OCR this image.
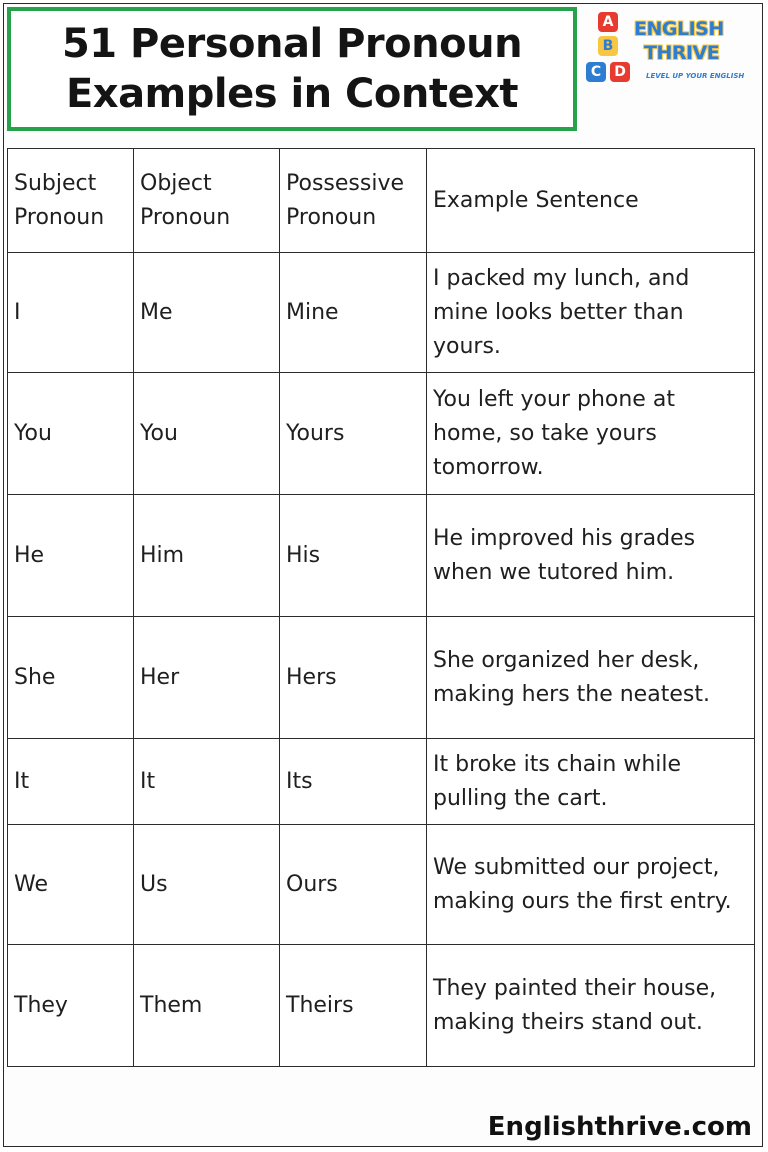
51 Personal Pronoun
Examples in Context
A
B
C D
ENGLISH
THRIVE
LEVEL UP YOUR ENGLISH
Subject Pronoun	Object Pronoun	Possessive Pronoun	Example Sentence
I	Me	Mine	I packed my lunch, and mine looks better than yours.
You	You	Yours	You left your phone at home, so take yours tomorrow.
He	Him	His	He improved his grades when we tutored him.
She	Her	Hers	She organized her desk, making hers the neatest.
It	It	Its	It broke its chain while pulling the cart.
We	Us	Ours	We submitted our project, making ours the first entry.
They	Them	Theirs	They painted their house, making theirs stand out.
Englishthrive.com
